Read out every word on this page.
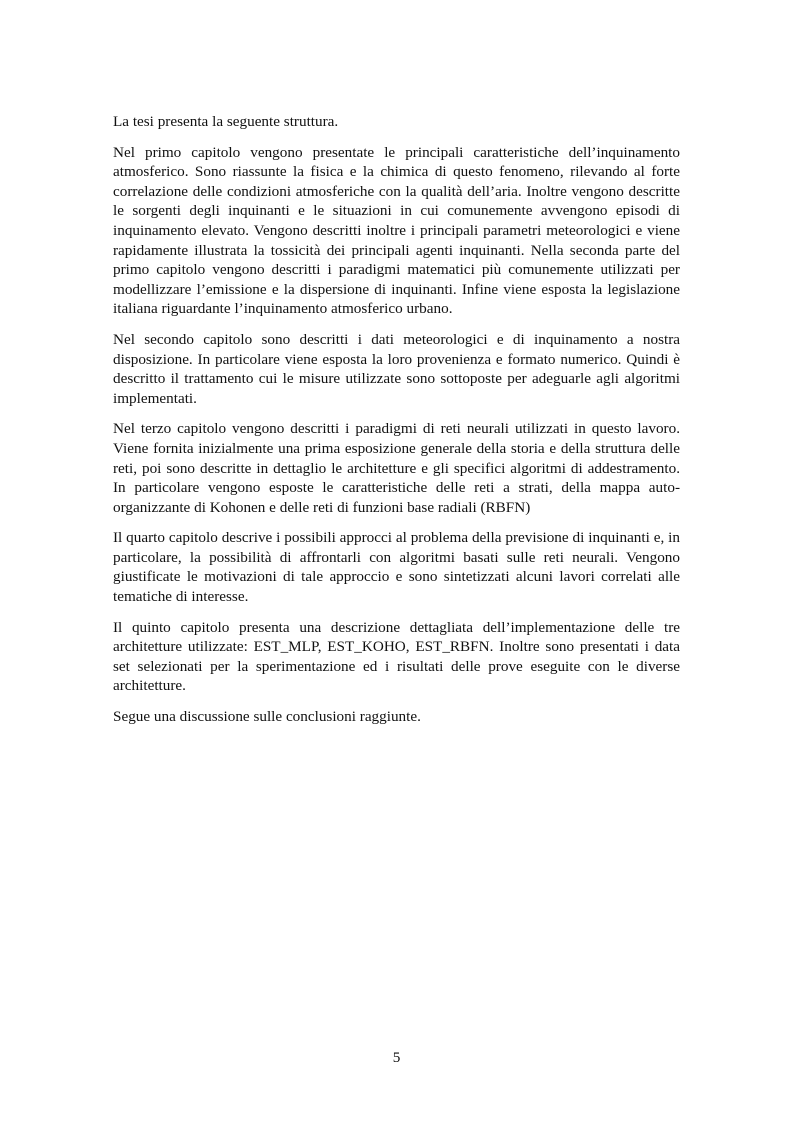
La tesi presenta la seguente struttura.

Nel primo capitolo vengono presentate le principali caratteristiche dell’inquinamento atmosferico. Sono riassunte la fisica e la chimica di questo fenomeno, rilevando al forte correlazione delle condizioni atmosferiche con la qualità dell’aria. Inoltre vengono descritte le sorgenti degli inquinanti e le situazioni in cui comunemente avvengono episodi di inquinamento elevato. Vengono descritti inoltre i principali parametri meteorologici e viene rapidamente illustrata la tossicità dei principali agenti inquinanti. Nella seconda parte del primo capitolo vengono descritti i paradigmi matematici più comunemente utilizzati per modellizzare l’emissione e la dispersione di inquinanti. Infine viene esposta la legislazione italiana riguardante l’inquinamento atmosferico urbano.

Nel secondo capitolo sono descritti i dati meteorologici e di inquinamento a nostra disposizione. In particolare viene esposta la loro provenienza e formato numerico. Quindi è descritto il trattamento cui le misure utilizzate sono sottoposte per adeguarle agli algoritmi implementati.

Nel terzo capitolo vengono descritti i paradigmi di reti neurali utilizzati in questo lavoro. Viene fornita inizialmente una prima esposizione generale della storia e della struttura delle reti, poi sono descritte in dettaglio le architetture e gli specifici algoritmi di addestramento. In particolare vengono esposte le caratteristiche delle reti a strati, della mappa auto-organizzante di Kohonen e delle reti di funzioni base radiali (RBFN)

Il quarto capitolo descrive i possibili approcci al problema della previsione di inquinanti e, in particolare, la possibilità di affrontarli con algoritmi basati sulle reti neurali. Vengono giustificate le motivazioni di tale approccio e sono sintetizzati alcuni lavori correlati alle tematiche di interesse.

Il quinto capitolo presenta una descrizione dettagliata dell’implementazione delle tre architetture utilizzate: EST_MLP, EST_KOHO, EST_RBFN. Inoltre sono presentati i data set selezionati per la sperimentazione ed i risultati delle prove eseguite con le diverse architetture.

Segue una discussione sulle conclusioni raggiunte.

5
